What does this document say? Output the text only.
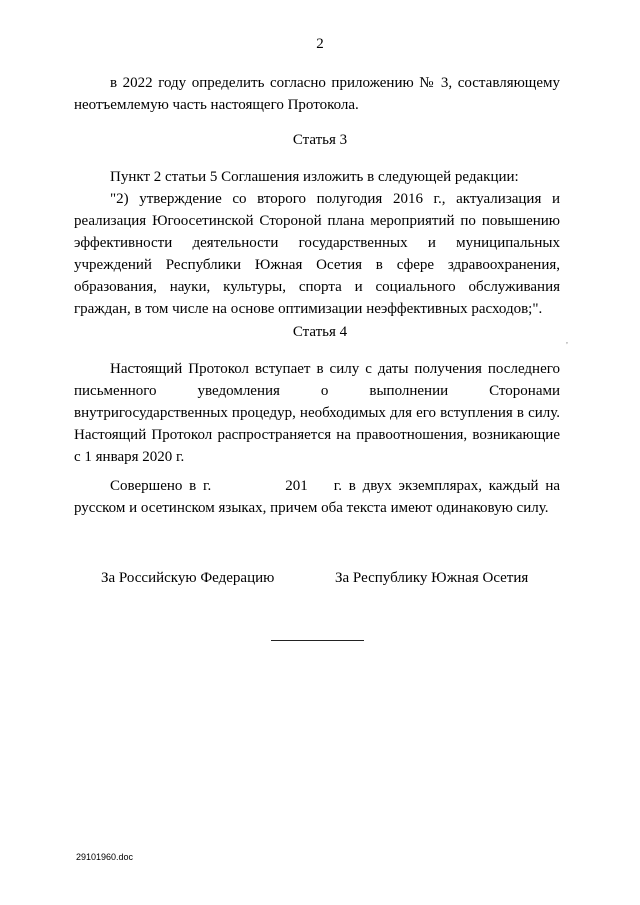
2
в 2022 году определить согласно приложению № 3, составляющему неотъемлемую часть настоящего Протокола.
Статья 3
Пункт 2 статьи 5 Соглашения изложить в следующей редакции:
"2) утверждение со второго полугодия 2016 г., актуализация и реализация Югоосетинской Стороной плана мероприятий по повышению эффективности деятельности государственных и муниципальных учреждений Республики Южная Осетия в сфере здравоохранения, образования, науки, культуры, спорта и социального обслуживания граждан, в том числе на основе оптимизации неэффективных расходов;".
Статья 4
,
Настоящий Протокол вступает в силу с даты получения последнего письменного уведомления о выполнении Сторонами внутригосударственных процедур, необходимых для его вступления в силу. Настоящий Протокол распространяется на правоотношения, возникающие с 1 января 2020 г.
Совершено в г.	201 г. в двух экземплярах, каждый на русском и осетинском языках, причем оба текста имеют одинаковую силу.
За Российскую Федерацию	За Республику Южная Осетия
29101960.doc
